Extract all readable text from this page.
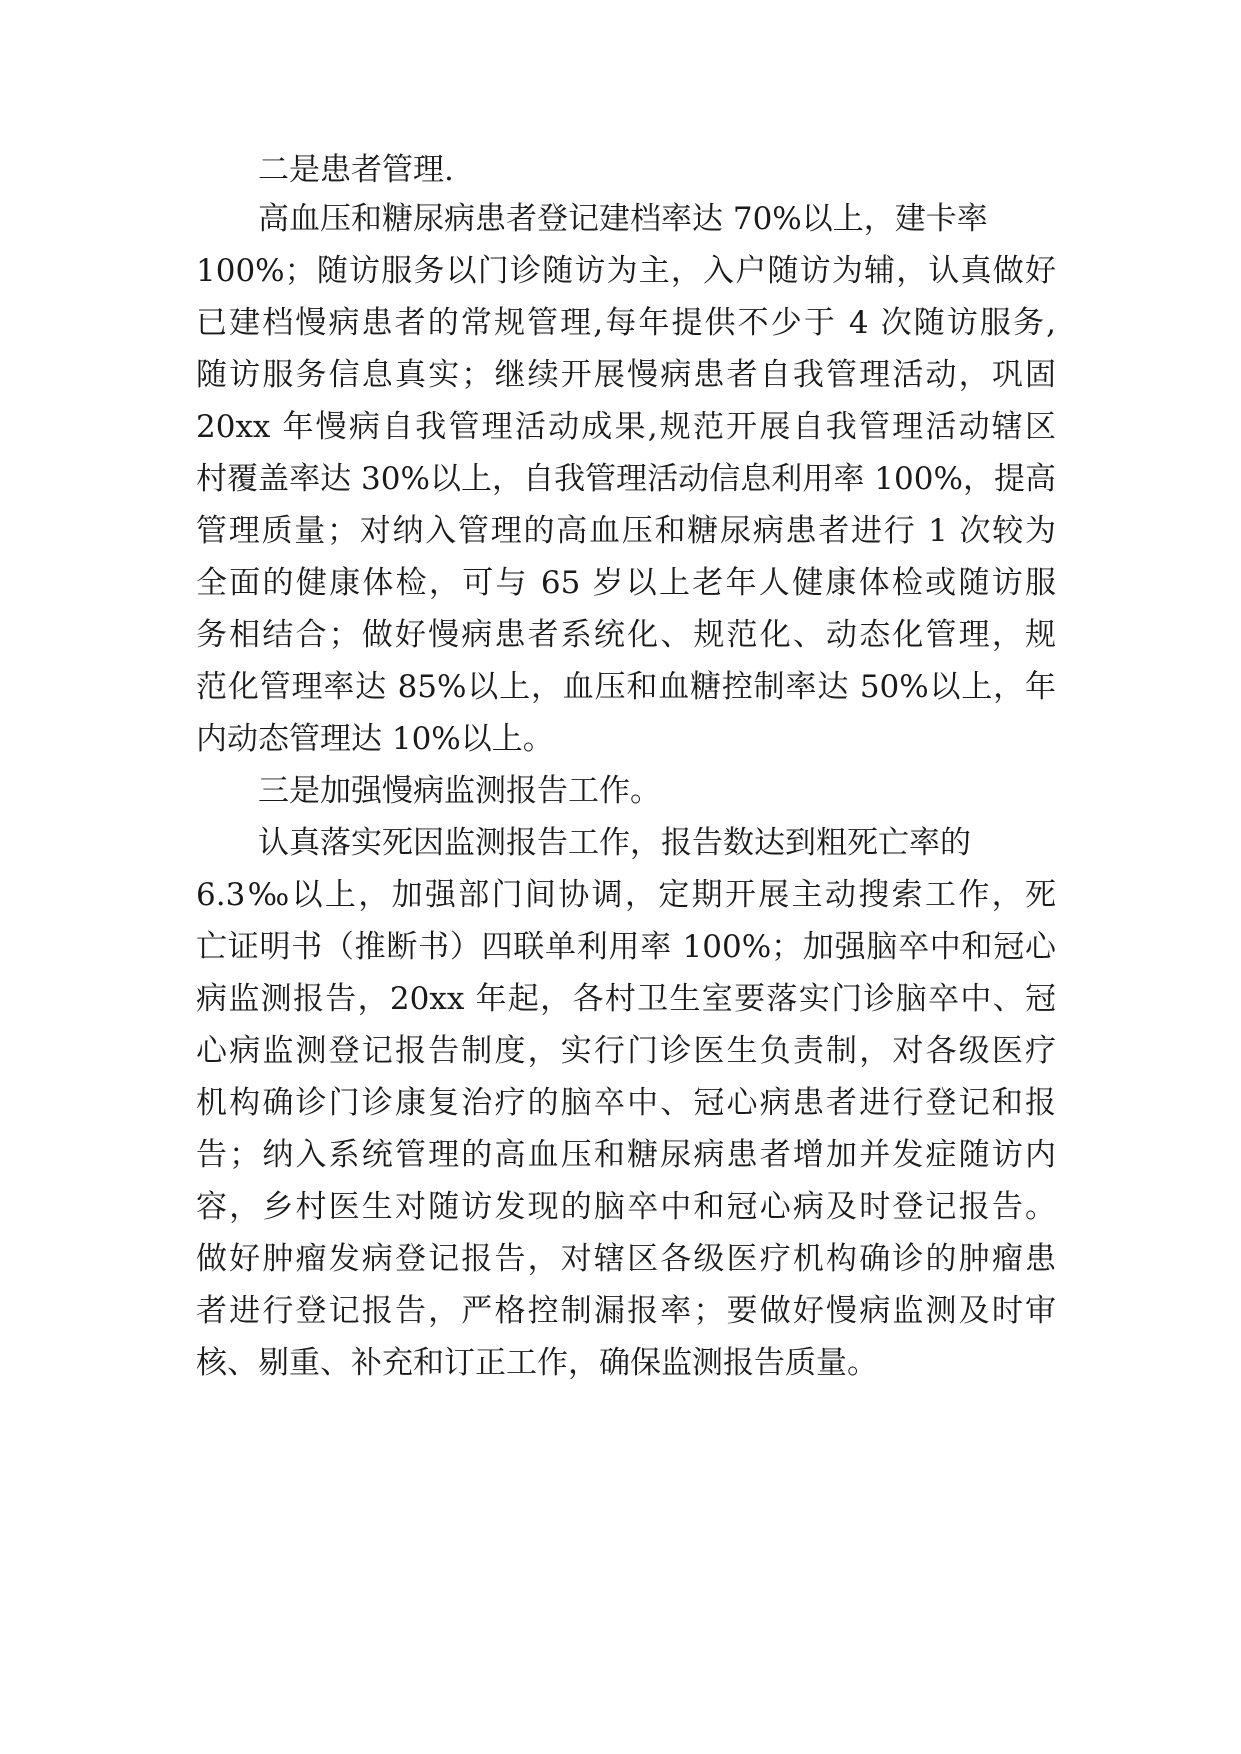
二是患者管理.
高血压和糖尿病患者登记建档率达 70%以上，建卡率
100%；随访服务以门诊随访为主，入户随访为辅，认真做好
已建档慢病患者的常规管理,每年提供不少于 4 次随访服务,
随访服务信息真实；继续开展慢病患者自我管理活动，巩固
20xx 年慢病自我管理活动成果,规范开展自我管理活动辖区
村覆盖率达 30%以上，自我管理活动信息利用率 100%，提高
管理质量；对纳入管理的高血压和糖尿病患者进行 1 次较为
全面的健康体检，可与 65 岁以上老年人健康体检或随访服
务相结合；做好慢病患者系统化、规范化、动态化管理，规
范化管理率达 85%以上，血压和血糖控制率达 50%以上，年
内动态管理达 10%以上。
三是加强慢病监测报告工作。
认真落实死因监测报告工作，报告数达到粗死亡率的
6.3‰以上，加强部门间协调，定期开展主动搜索工作，死
亡证明书（推断书）四联单利用率 100%；加强脑卒中和冠心
病监测报告，20xx 年起，各村卫生室要落实门诊脑卒中、冠
心病监测登记报告制度，实行门诊医生负责制，对各级医疗
机构确诊门诊康复治疗的脑卒中、冠心病患者进行登记和报
告；纳入系统管理的高血压和糖尿病患者增加并发症随访内
容，乡村医生对随访发现的脑卒中和冠心病及时登记报告。
做好肿瘤发病登记报告，对辖区各级医疗机构确诊的肿瘤患
者进行登记报告，严格控制漏报率；要做好慢病监测及时审
核、剔重、补充和订正工作，确保监测报告质量。
